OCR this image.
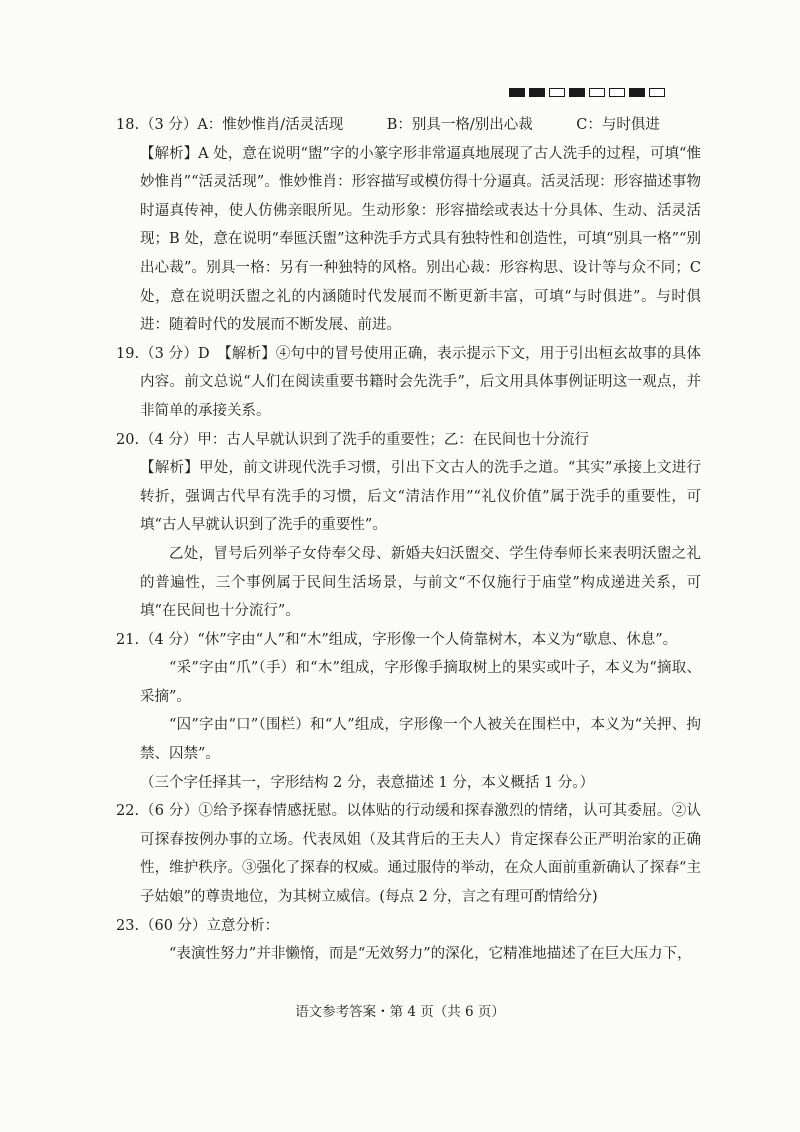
18. （3 分）A：惟妙惟肖/活灵活现　　　B：别具一格/别出心裁　　　C：与时俱进

【解析】A 处，意在说明“盥”字的小篆字形非常逼真地展现了古人洗手的过程，可填“惟妙惟肖”“活灵活现”。惟妙惟肖：形容描写或模仿得十分逼真。活灵活现：形容描述事物时逼真传神，使人仿佛亲眼所见。生动形象：形容描绘或表达十分具体、生动、活灵活现；B 处，意在说明“奉匜沃盥”这种洗手方式具有独特性和创造性，可填“别具一格”“别出心裁”。别具一格：另有一种独特的风格。别出心裁：形容构思、设计等与众不同；C 处，意在说明沃盥之礼的内涵随时代发展而不断更新丰富，可填“与时俱进”。与时俱进：随着时代的发展而不断发展、前进。

19. （3 分）D　【解析】④句中的冒号使用正确，表示提示下文，用于引出桓玄故事的具体内容。前文总说“人们在阅读重要书籍时会先洗手”，后文用具体事例证明这一观点，并非简单的承接关系。

20. （4 分）甲：古人早就认识到了洗手的重要性；乙：在民间也十分流行

【解析】甲处，前文讲现代洗手习惯，引出下文古人的洗手之道。“其实”承接上文进行转折，强调古代早有洗手的习惯，后文“清洁作用”“礼仪价值”属于洗手的重要性，可填“古人早就认识到了洗手的重要性”。

乙处，冒号后列举子女侍奉父母、新婚夫妇沃盥交、学生侍奉师长来表明沃盥之礼的普遍性，三个事例属于民间生活场景，与前文“不仅施行于庙堂”构成递进关系，可填“在民间也十分流行”。

21. （4 分）“休”字由“人”和“木”组成，字形像一个人倚靠树木，本义为“歇息、休息”。

“采”字由“爪”（手）和“木”组成，字形像手摘取树上的果实或叶子，本义为“摘取、采摘”。

“囚”字由“口”（围栏）和“人”组成，字形像一个人被关在围栏中，本义为“关押、拘禁、囚禁”。

（三个字任择其一，字形结构 2 分，表意描述 1 分，本义概括 1 分。）

22. （6 分）①给予探春情感抚慰。以体贴的行动缓和探春激烈的情绪，认可其委屈。②认可探春按例办事的立场。代表凤姐（及其背后的王夫人）肯定探春公正严明治家的正确性，维护秩序。③强化了探春的权威。通过服侍的举动，在众人面前重新确认了探春“主子姑娘”的尊贵地位，为其树立威信。(每点 2 分，言之有理可酌情给分)

23. （60 分）立意分析：

“表演性努力”并非懒惰，而是“无效努力”的深化，它精准地描述了在巨大压力下，

语文参考答案・第 4 页（共 6 页）
